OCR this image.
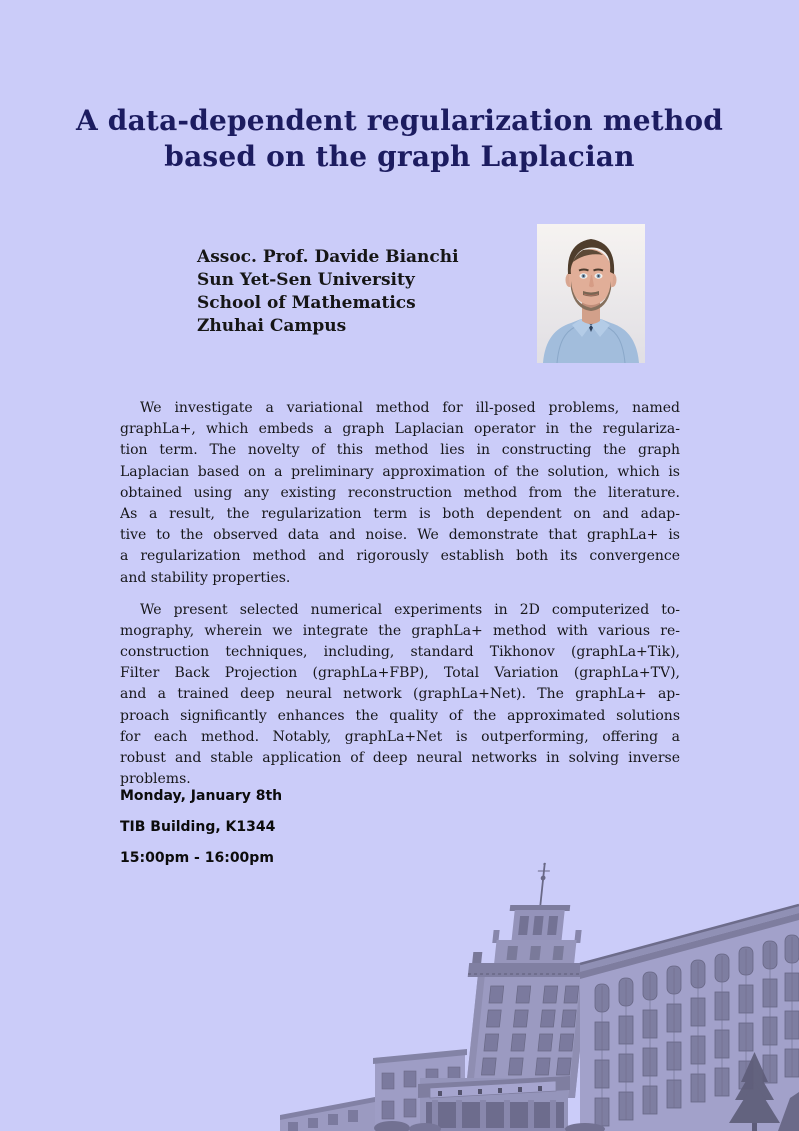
A data-dependent regularization method
based on the graph Laplacian
Assoc. Prof. Davide Bianchi
Sun Yet-Sen University
School of Mathematics
Zhuhai Campus
We investigate a variational method for ill-posed problems, named
graphLa+, which embeds a graph Laplacian operator in the regulariza-
tion term. The novelty of this method lies in constructing the graph
Laplacian based on a preliminary approximation of the solution, which is
obtained using any existing reconstruction method from the literature.
As a result, the regularization term is both dependent on and adap-
tive to the observed data and noise. We demonstrate that graphLa+ is
a regularization method and rigorously establish both its convergence
and stability properties.
We present selected numerical experiments in 2D computerized to-
mography, wherein we integrate the graphLa+ method with various re-
construction techniques, including, standard Tikhonov (graphLa+Tik),
Filter Back Projection (graphLa+FBP), Total Variation (graphLa+TV),
and a trained deep neural network (graphLa+Net). The graphLa+ ap-
proach significantly enhances the quality of the approximated solutions
for each method. Notably, graphLa+Net is outperforming, offering a
robust and stable application of deep neural networks in solving inverse
problems.
Monday, January 8th
TIB Building, K1344
15:00pm - 16:00pm
